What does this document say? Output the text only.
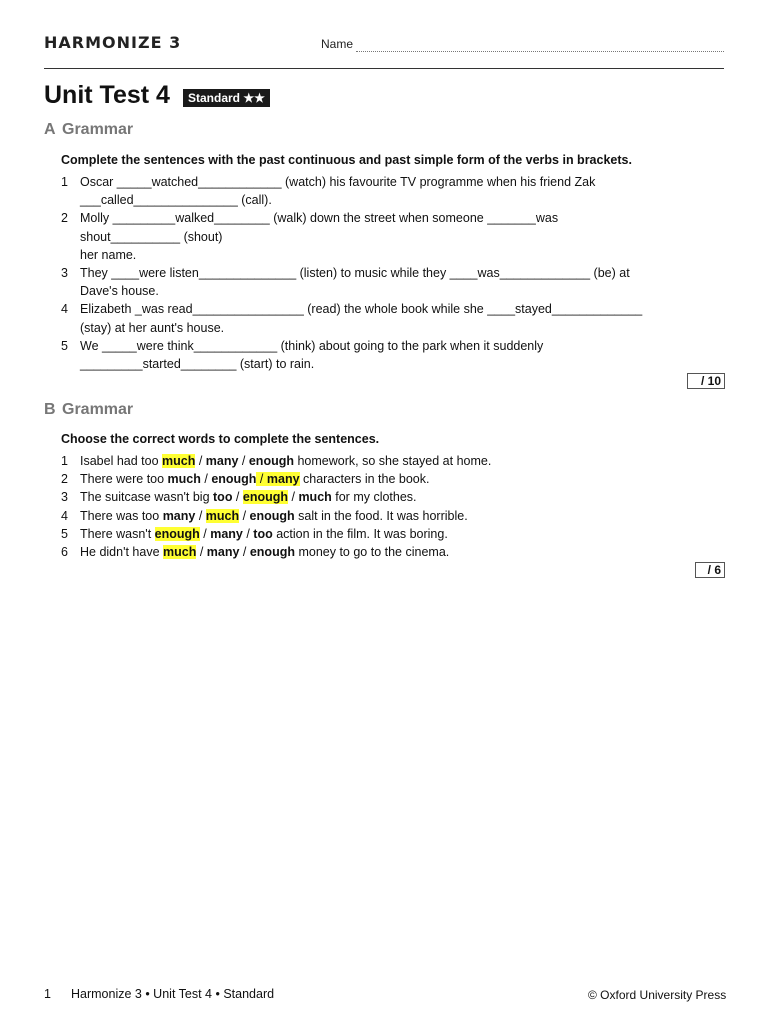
HARMONIZE 3	Name
Unit Test 4	Standard ★★
A Grammar
Complete the sentences with the past continuous and past simple form of the verbs in brackets.
1 Oscar _____watched____________ (watch) his favourite TV programme when his friend Zak
___called_______________ (call).
2 Molly _________walked________ (walk) down the street when someone _______was
shout__________ (shout)
her name.
3 They ____were listen______________ (listen) to music while they ____was_____________ (be) at
Dave's house.
4 Elizabeth _was read________________ (read) the whole book while she ____stayed_____________
(stay) at her aunt's house.
5 We _____were think____________ (think) about going to the park when it suddenly
_________started________ (start) to rain.
/ 10
B Grammar
Choose the correct words to complete the sentences.
1 Isabel had too much / many / enough homework, so she stayed at home.
2 There were too much / enough / many characters in the book.
3 The suitcase wasn't big too / enough / much for my clothes.
4 There was too many / much / enough salt in the food. It was horrible.
5 There wasn't enough / many / too action in the film. It was boring.
6 He didn't have much / many / enough money to go to the cinema.
/ 6
1 Harmonize 3 • Unit Test 4 • Standard	© Oxford University Press
